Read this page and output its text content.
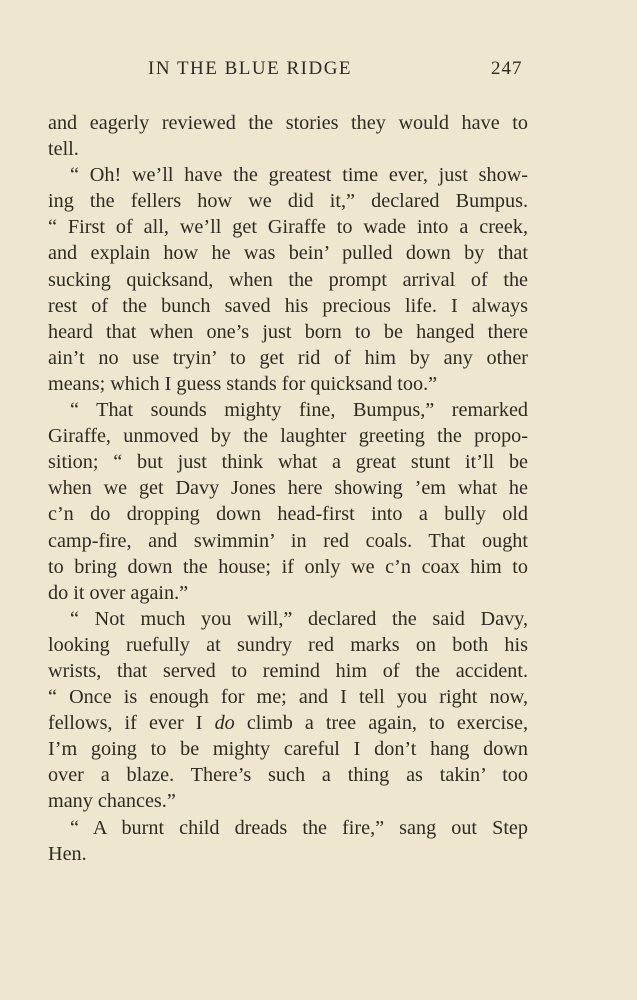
IN THE BLUE RIDGE	247
and eagerly reviewed the stories they would have to
tell.
“ Oh! we’ll have the greatest time ever, just show-
ing the fellers how we did it,” declared Bumpus.
“ First of all, we’ll get Giraffe to wade into a creek,
and explain how he was bein’ pulled down by that
sucking quicksand, when the prompt arrival of the
rest of the bunch saved his precious life. I always
heard that when one’s just born to be hanged there
ain’t no use tryin’ to get rid of him by any other
means; which I guess stands for quicksand too.”
“ That sounds mighty fine, Bumpus,” remarked
Giraffe, unmoved by the laughter greeting the propo-
sition; “ but just think what a great stunt it’ll be
when we get Davy Jones here showing ’em what he
c’n do dropping down head-first into a bully old
camp-fire, and swimmin’ in red coals. That ought
to bring down the house; if only we c’n coax him to
do it over again.”
“ Not much you will,” declared the said Davy,
looking ruefully at sundry red marks on both his
wrists, that served to remind him of the accident.
“ Once is enough for me; and I tell you right now,
fellows, if ever I do climb a tree again, to exercise,
I’m going to be mighty careful I don’t hang down
over a blaze. There’s such a thing as takin’ too
many chances.”
“ A burnt child dreads the fire,” sang out Step
Hen.
